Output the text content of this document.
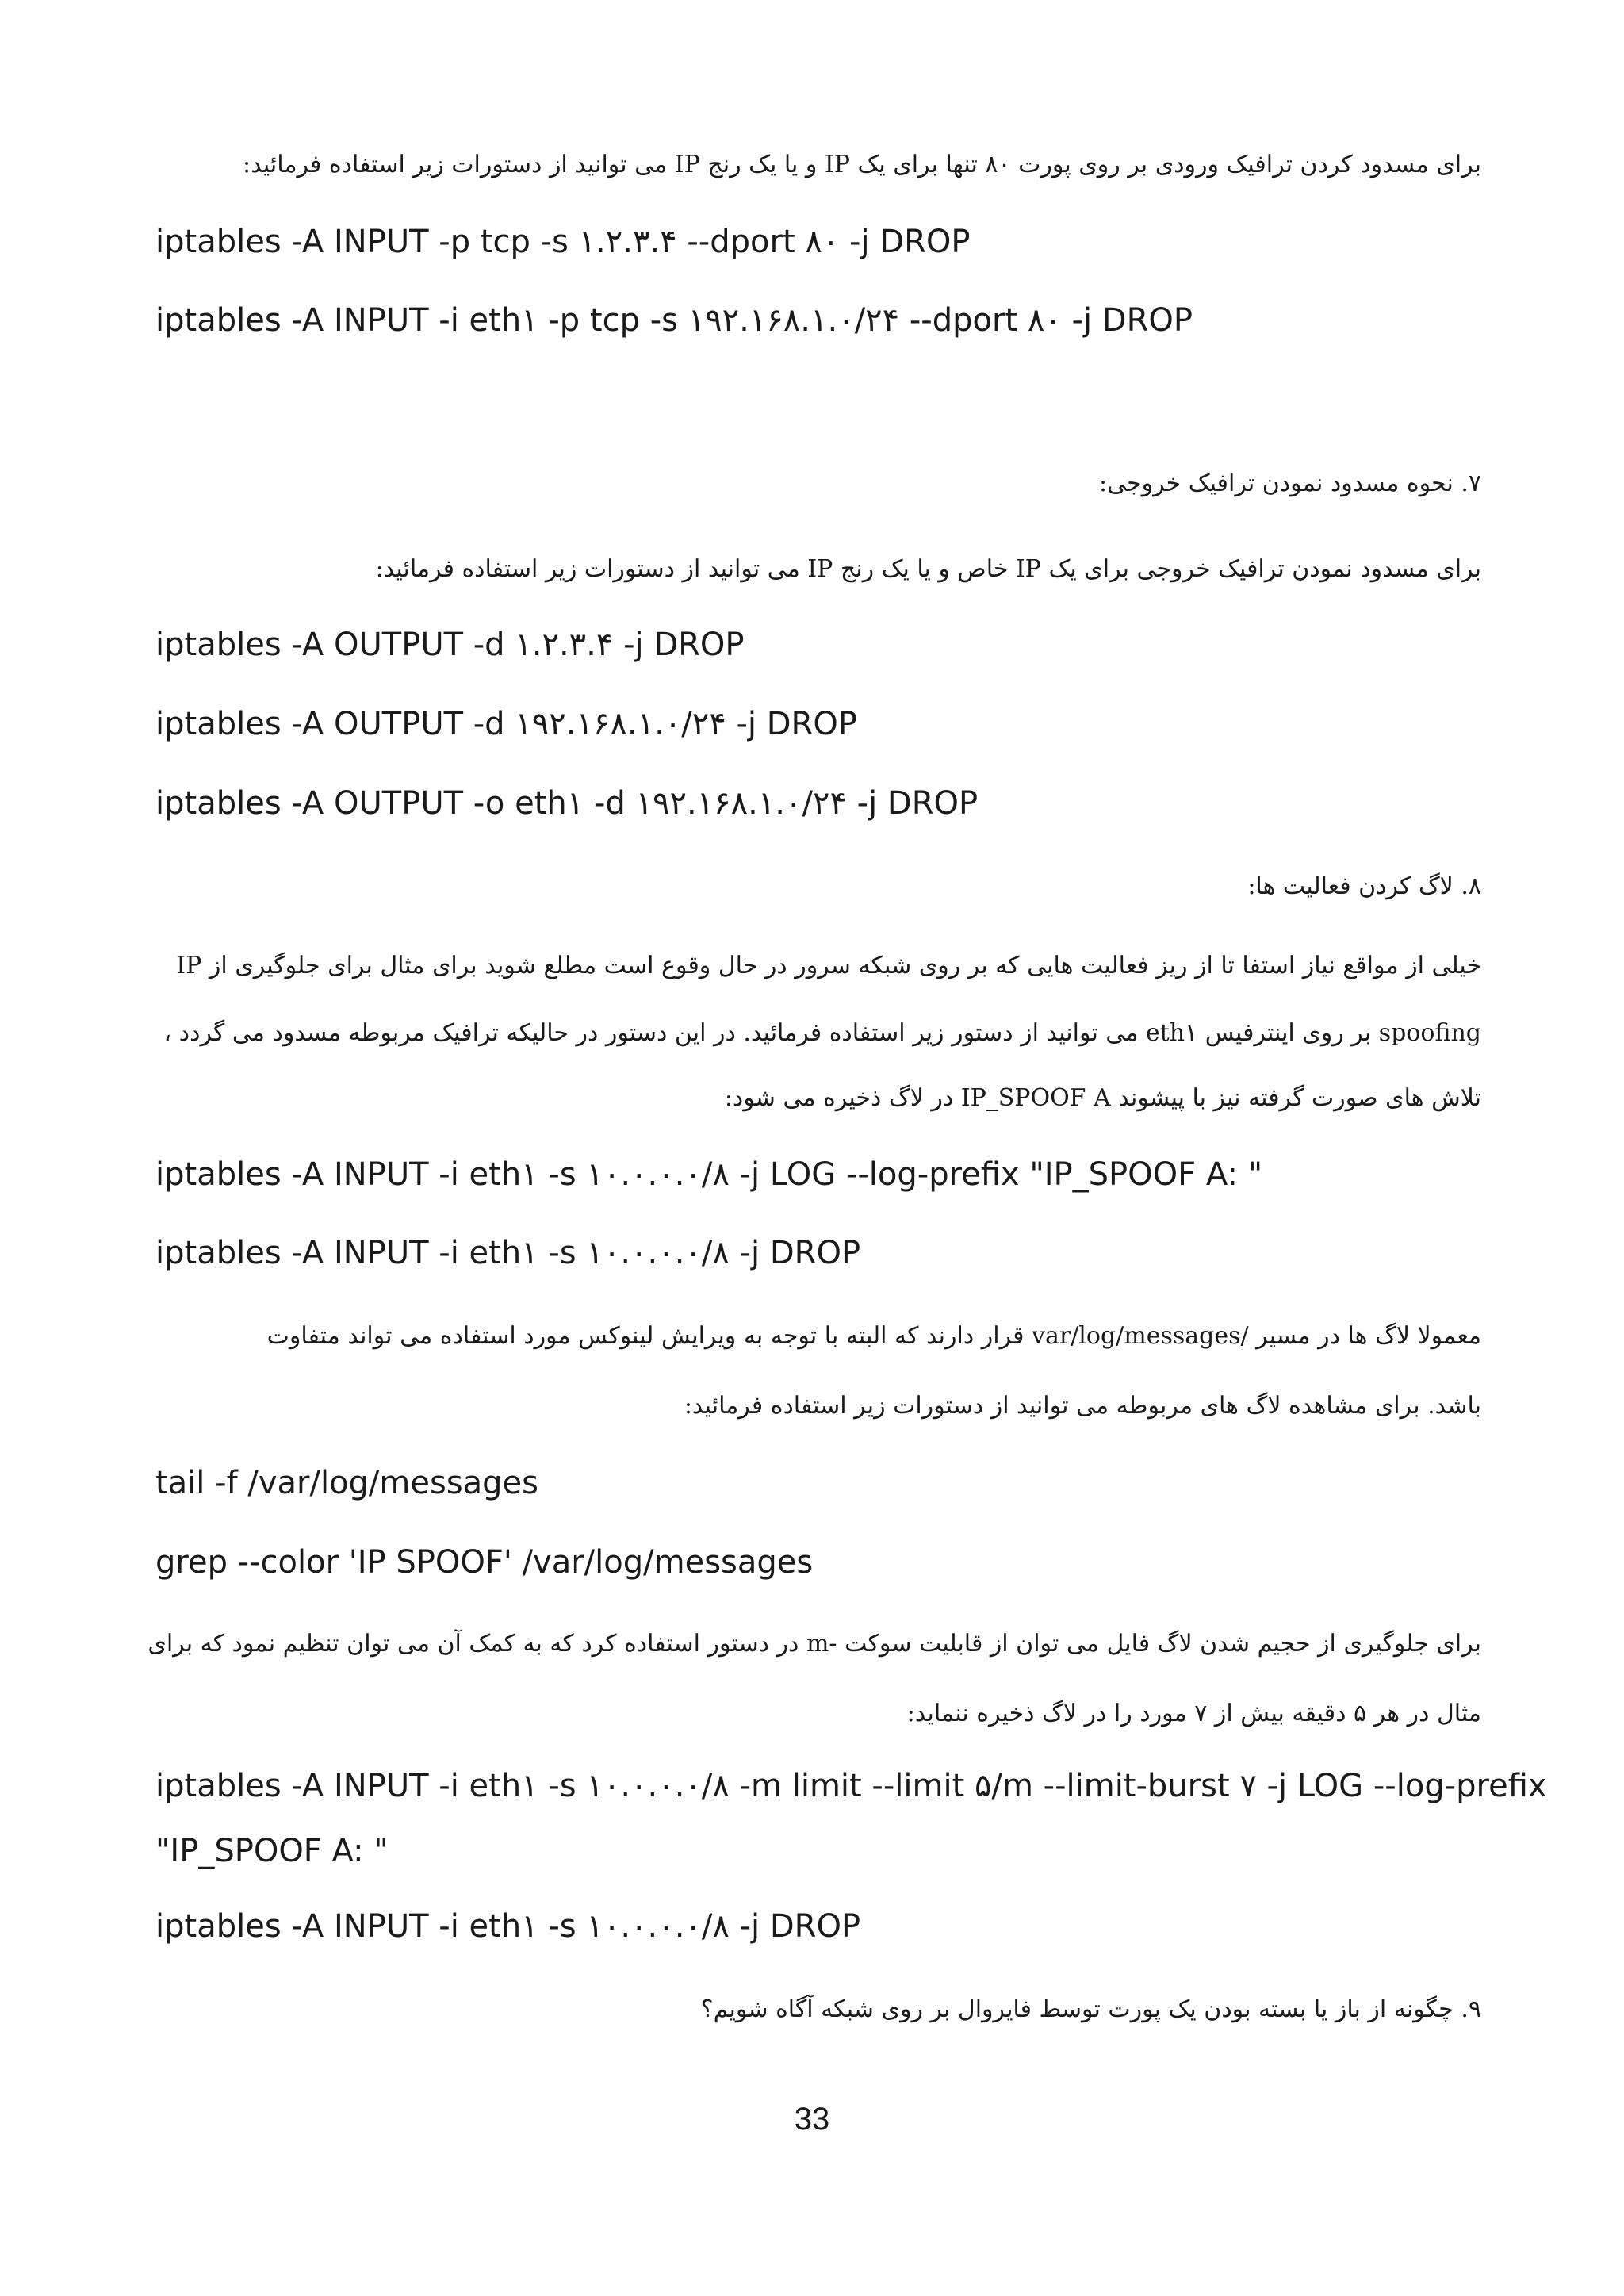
برای مسدود کردن ترافیک ورودی بر روی پورت ۸۰ تنها برای یک IP و یا یک رنج IP می توانید از دستورات زیر استفاده فرمائید:
iptables -A INPUT -p tcp -s ۱.۲.۳.۴ --dport ۸۰ -j DROP
iptables -A INPUT -i eth۱ -p tcp -s ۱۹۲.۱۶۸.۱.۰/۲۴ --dport ۸۰ -j DROP
۷. نحوه مسدود نمودن ترافیک خروجی:
برای مسدود نمودن ترافیک خروجی برای یک IP خاص و یا یک رنج IP می توانید از دستورات زیر استفاده فرمائید:
iptables -A OUTPUT -d ۱.۲.۳.۴ -j DROP
iptables -A OUTPUT -d ۱۹۲.۱۶۸.۱.۰/۲۴ -j DROP
iptables -A OUTPUT -o eth۱ -d ۱۹۲.۱۶۸.۱.۰/۲۴ -j DROP
۸. لاگ کردن فعالیت ها:
خیلی از مواقع نیاز استفا تا از ریز فعالیت هایی که بر روی شبکه سرور در حال وقوع است مطلع شوید برای مثال برای جلوگیری از IP
spoofing بر روی اینترفیس eth۱ می توانید از دستور زیر استفاده فرمائید. در این دستور در حالیکه ترافیک مربوطه مسدود می گردد ،
تلاش های صورت گرفته نیز با پیشوند IP_SPOOF A در لاگ ذخیره می شود:
iptables -A INPUT -i eth۱ -s ۱۰.۰.۰.۰/۸ -j LOG --log-prefix "IP_SPOOF A: "
iptables -A INPUT -i eth۱ -s ۱۰.۰.۰.۰/۸ -j DROP
معمولا لاگ ها در مسیر /var/log/messages قرار دارند که البته با توجه به ویرایش لینوکس مورد استفاده می تواند متفاوت
باشد. برای مشاهده لاگ های مربوطه می توانید از دستورات زیر استفاده فرمائید:
tail -f /var/log/messages
grep --color 'IP SPOOF' /var/log/messages
برای جلوگیری از حجیم شدن لاگ فایل می توان از قابلیت سوکت -m در دستور استفاده کرد که به کمک آن می توان تنظیم نمود که برای
مثال در هر ۵ دقیقه بیش از ۷ مورد را در لاگ ذخیره ننماید:
iptables -A INPUT -i eth۱ -s ۱۰.۰.۰.۰/۸ -m limit --limit ۵/m --limit-burst ۷ -j LOG --log-prefix
"IP_SPOOF A: "
iptables -A INPUT -i eth۱ -s ۱۰.۰.۰.۰/۸ -j DROP
۹. چگونه از باز یا بسته بودن یک پورت توسط فایروال بر روی شبکه آگاه شویم؟
33
